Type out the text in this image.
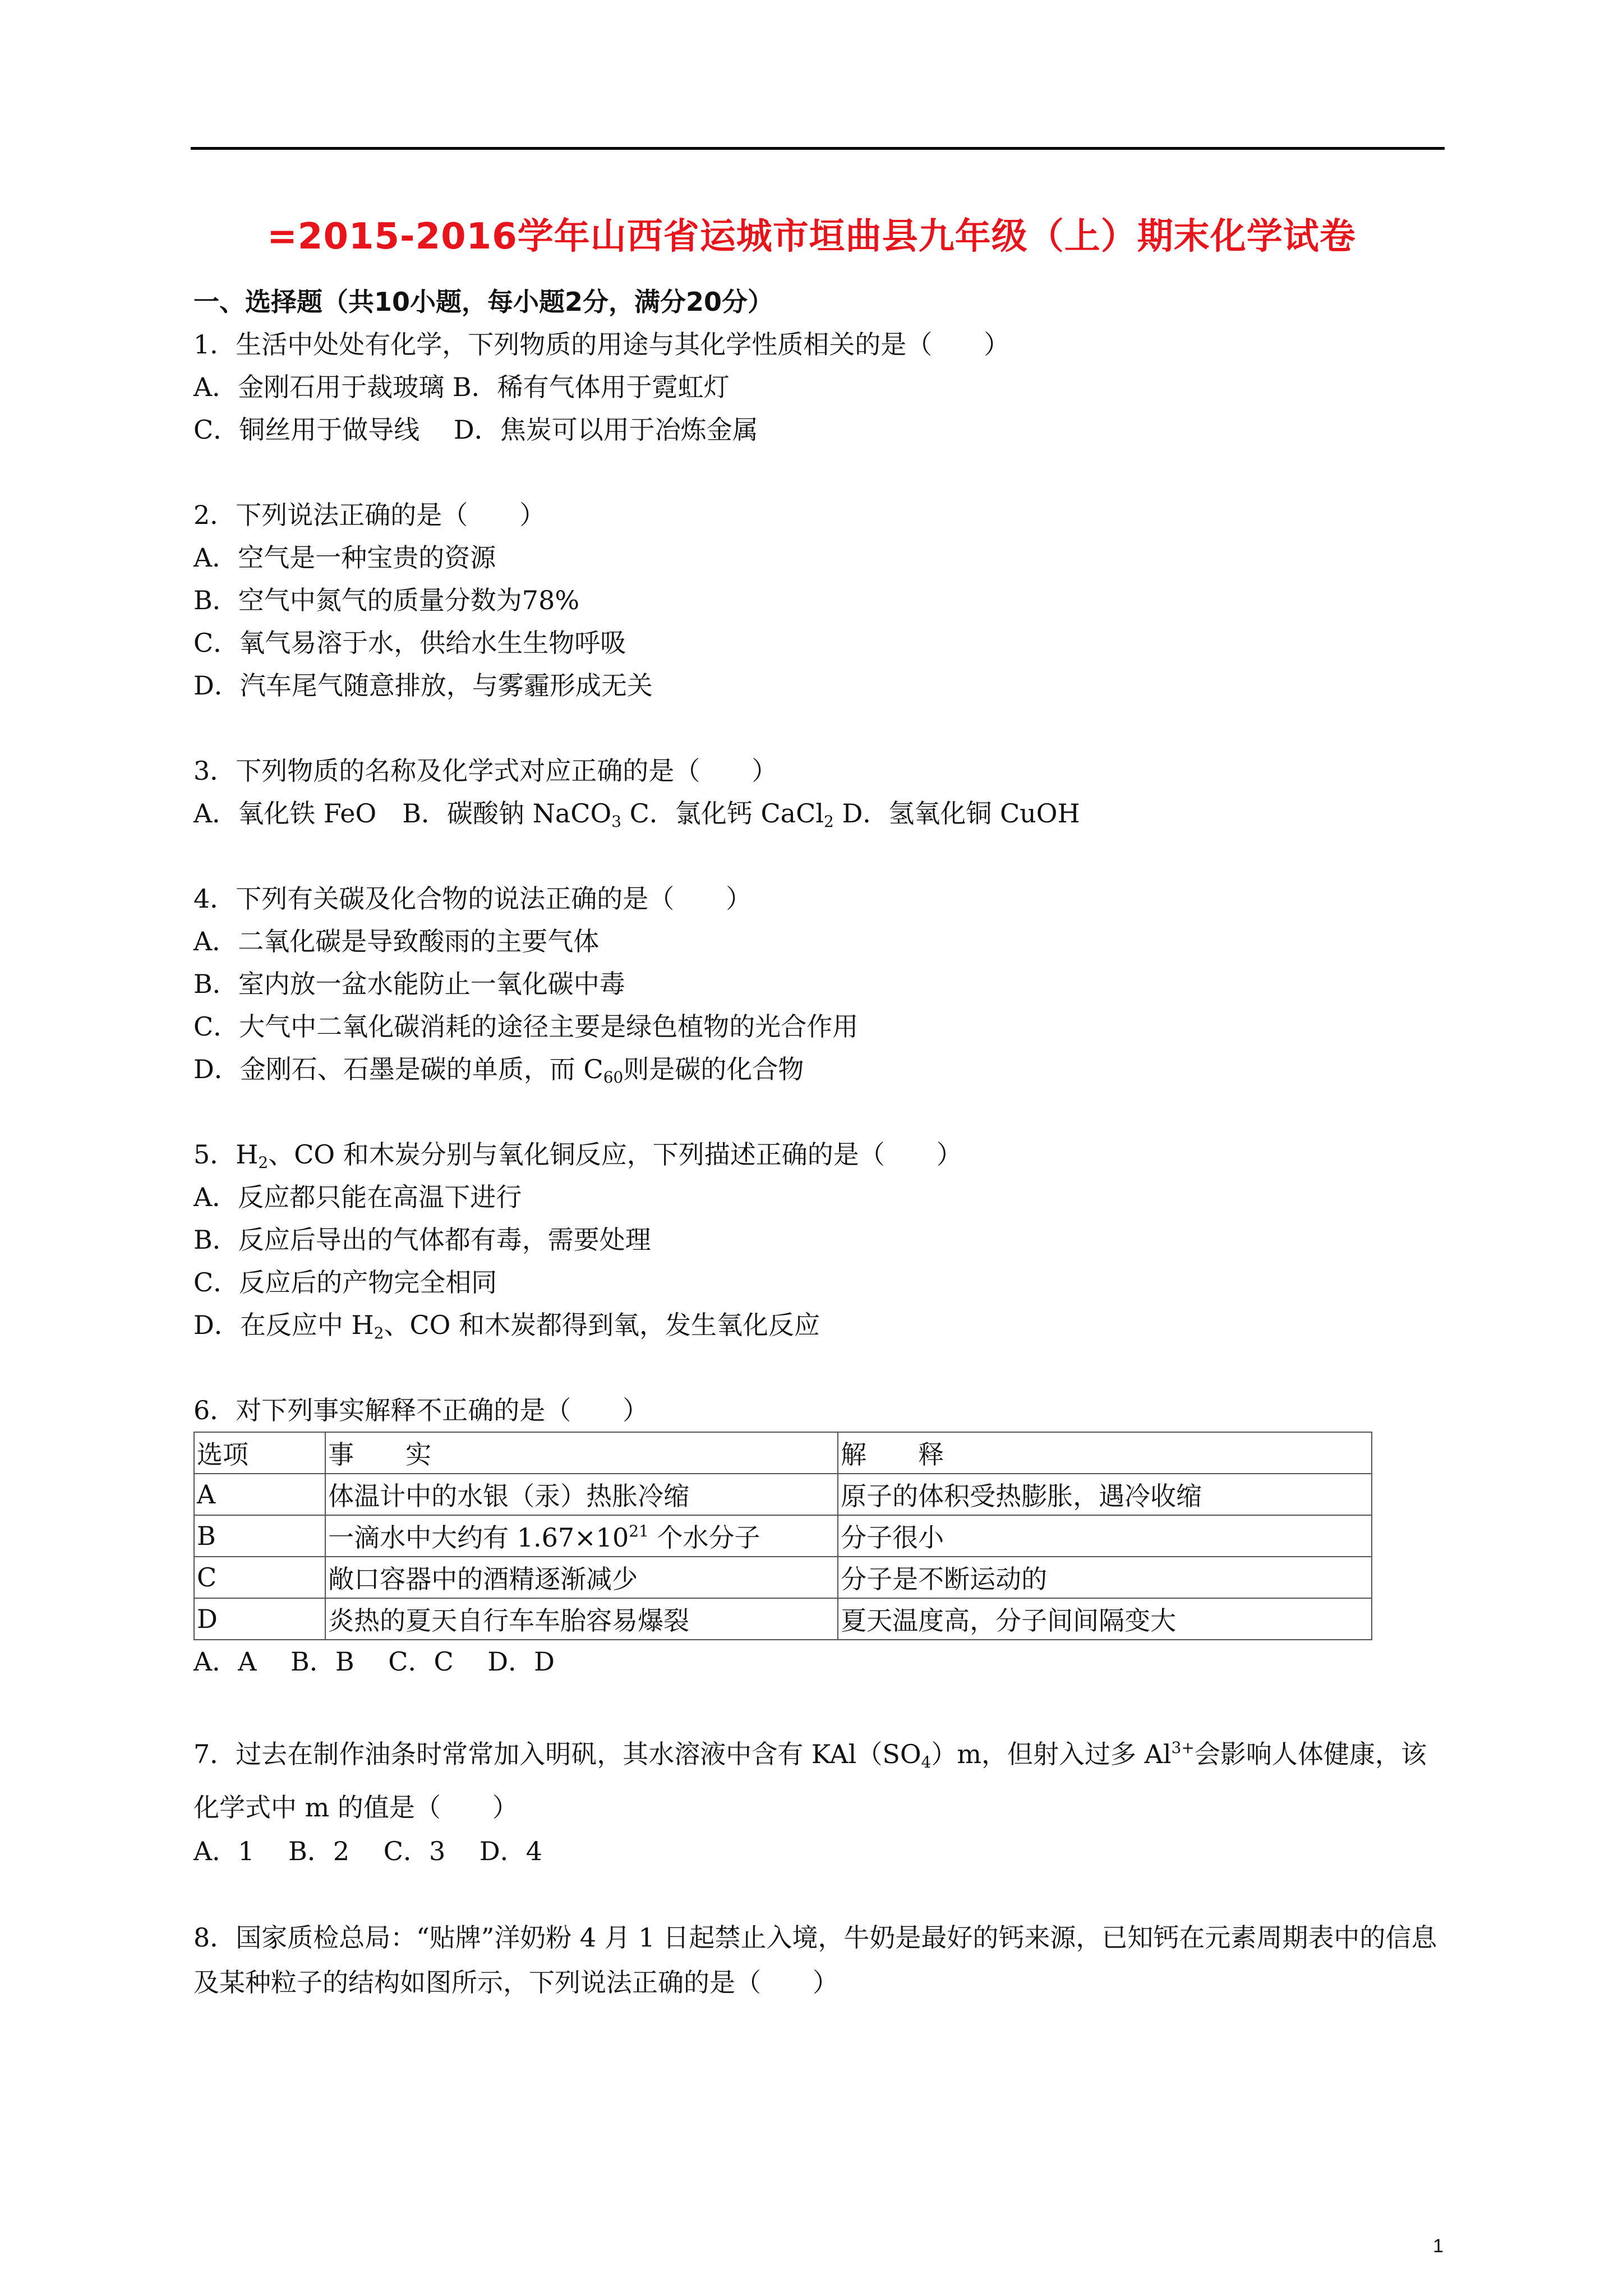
=2015-2016学年山西省运城市垣曲县九年级（上）期末化学试卷
一、选择题（共10小题，每小题2分，满分20分）
1．生活中处处有化学，下列物质的用途与其化学性质相关的是（　　）
A．金刚石用于裁玻璃 B．稀有气体用于霓虹灯
C．铜丝用于做导线　 D．焦炭可以用于冶炼金属
2．下列说法正确的是（　　）
A．空气是一种宝贵的资源
B．空气中氮气的质量分数为78%
C．氧气易溶于水，供给水生生物呼吸
D．汽车尾气随意排放，与雾霾形成无关
3．下列物质的名称及化学式对应正确的是（　　）
A．氧化铁 FeO　B．碳酸钠 NaCO$_3$ C．氯化钙 CaCl$_2$ D．氢氧化铜 CuOH
4．下列有关碳及化合物的说法正确的是（　　）
A．二氧化碳是导致酸雨的主要气体
B．室内放一盆水能防止一氧化碳中毒
C．大气中二氧化碳消耗的途径主要是绿色植物的光合作用
D．金刚石、石墨是碳的单质，而 $C_{60}$则是碳的化合物
5．$H_2$、CO 和木炭分别与氧化铜反应，下列描述正确的是（　　）
A．反应都只能在高温下进行
B．反应后导出的气体都有毒，需要处理
C．反应后的产物完全相同
D．在反应中 $H_2$、CO 和木炭都得到氧，发生氧化反应
6．对下列事实解释不正确的是（　　）
选项	事　　实	解　　释
A	体温计中的水银（汞）热胀冷缩	原子的体积受热膨胀，遇冷收缩
B	一滴水中大约有 $1.67\times 10^{21}$ 个水分子	分子很小
C	敞口容器中的酒精逐渐减少	分子是不断运动的
D	炎热的夏天自行车车胎容易爆裂	夏天温度高，分子间间隔变大
A．A　 B．B　 C．C　 D．D
7．过去在制作油条时常常加入明矾，其水溶液中含有 $KAl(SO_4)m$，但射入过多 $Al^{3+}$会影响人体健康，该化学式中 m 的值是（　　）
A．1　 B．2　 C．3　 D．4
8．国家质检总局：“贴牌”洋奶粉 4 月 1 日起禁止入境，牛奶是最好的钙来源，已知钙在元素周期表中的信息及某种粒子的结构如图所示，下列说法正确的是（　　）
1
